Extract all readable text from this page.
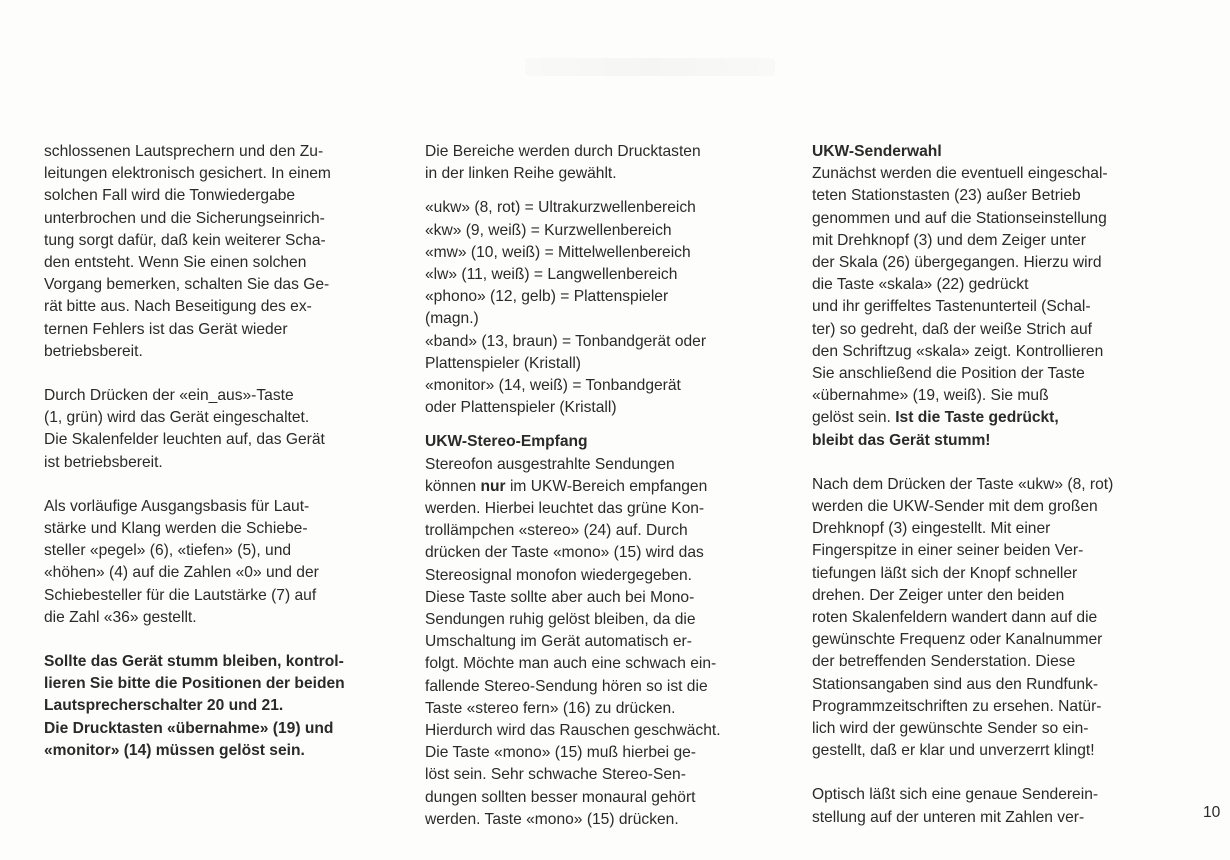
schlossenen Lautsprechern und den Zu-
leitungen elektronisch gesichert. In einem
solchen Fall wird die Tonwiedergabe
unterbrochen und die Sicherungseinrich-
tung sorgt dafür, daß kein weiterer Scha-
den entsteht. Wenn Sie einen solchen
Vorgang bemerken, schalten Sie das Ge-
rät bitte aus. Nach Beseitigung des ex-
ternen Fehlers ist das Gerät wieder
betriebsbereit.
Durch Drücken der «ein_aus»-Taste
(1, grün) wird das Gerät eingeschaltet.
Die Skalenfelder leuchten auf, das Gerät
ist betriebsbereit.
Als vorläufige Ausgangsbasis für Laut-
stärke und Klang werden die Schiebe-
steller «pegel» (6), «tiefen» (5), und
«höhen» (4) auf die Zahlen «0» und der
Schiebesteller für die Lautstärke (7) auf
die Zahl «36» gestellt.
Sollte das Gerät stumm bleiben, kontrol-
lieren Sie bitte die Positionen der beiden
Lautsprecherschalter 20 und 21.
Die Drucktasten «übernahme» (19) und
«monitor» (14) müssen gelöst sein.
Die Bereiche werden durch Drucktasten
in der linken Reihe gewählt.
«ukw» (8, rot) = Ultrakurzwellenbereich
«kw» (9, weiß) = Kurzwellenbereich
«mw» (10, weiß) = Mittelwellenbereich
«lw» (11, weiß) = Langwellenbereich
«phono» (12, gelb) = Plattenspieler
(magn.)
«band» (13, braun) = Tonbandgerät oder
Plattenspieler (Kristall)
«monitor» (14, weiß) = Tonbandgerät
oder Plattenspieler (Kristall)
UKW-Stereo-Empfang
Stereofon ausgestrahlte Sendungen
können nur im UKW-Bereich empfangen
werden. Hierbei leuchtet das grüne Kon-
trollämpchen «stereo» (24) auf. Durch
drücken der Taste «mono» (15) wird das
Stereosignal monofon wiedergegeben.
Diese Taste sollte aber auch bei Mono-
Sendungen ruhig gelöst bleiben, da die
Umschaltung im Gerät automatisch er-
folgt. Möchte man auch eine schwach ein-
fallende Stereo-Sendung hören so ist die
Taste «stereo fern» (16) zu drücken.
Hierdurch wird das Rauschen geschwächt.
Die Taste «mono» (15) muß hierbei ge-
löst sein. Sehr schwache Stereo-Sen-
dungen sollten besser monaural gehört
werden. Taste «mono» (15) drücken.
UKW-Senderwahl
Zunächst werden die eventuell eingeschal-
teten Stationstasten (23) außer Betrieb
genommen und auf die Stationseinstellung
mit Drehknopf (3) und dem Zeiger unter
der Skala (26) übergegangen. Hierzu wird
die Taste «skala» (22) gedrückt
und ihr geriffeltes Tastenunterteil (Schal-
ter) so gedreht, daß der weiße Strich auf
den Schriftzug «skala» zeigt. Kontrollieren
Sie anschließend die Position der Taste
«übernahme» (19, weiß). Sie muß
gelöst sein. Ist die Taste gedrückt,
bleibt das Gerät stumm!
Nach dem Drücken der Taste «ukw» (8, rot)
werden die UKW-Sender mit dem großen
Drehknopf (3) eingestellt. Mit einer
Fingerspitze in einer seiner beiden Ver-
tiefungen läßt sich der Knopf schneller
drehen. Der Zeiger unter den beiden
roten Skalenfeldern wandert dann auf die
gewünschte Frequenz oder Kanalnummer
der betreffenden Senderstation. Diese
Stationsangaben sind aus den Rundfunk-
Programmzeitschriften zu ersehen. Natür-
lich wird der gewünschte Sender so ein-
gestellt, daß er klar und unverzerrt klingt!
Optisch läßt sich eine genaue Senderein-
stellung auf der unteren mit Zahlen ver-	10
